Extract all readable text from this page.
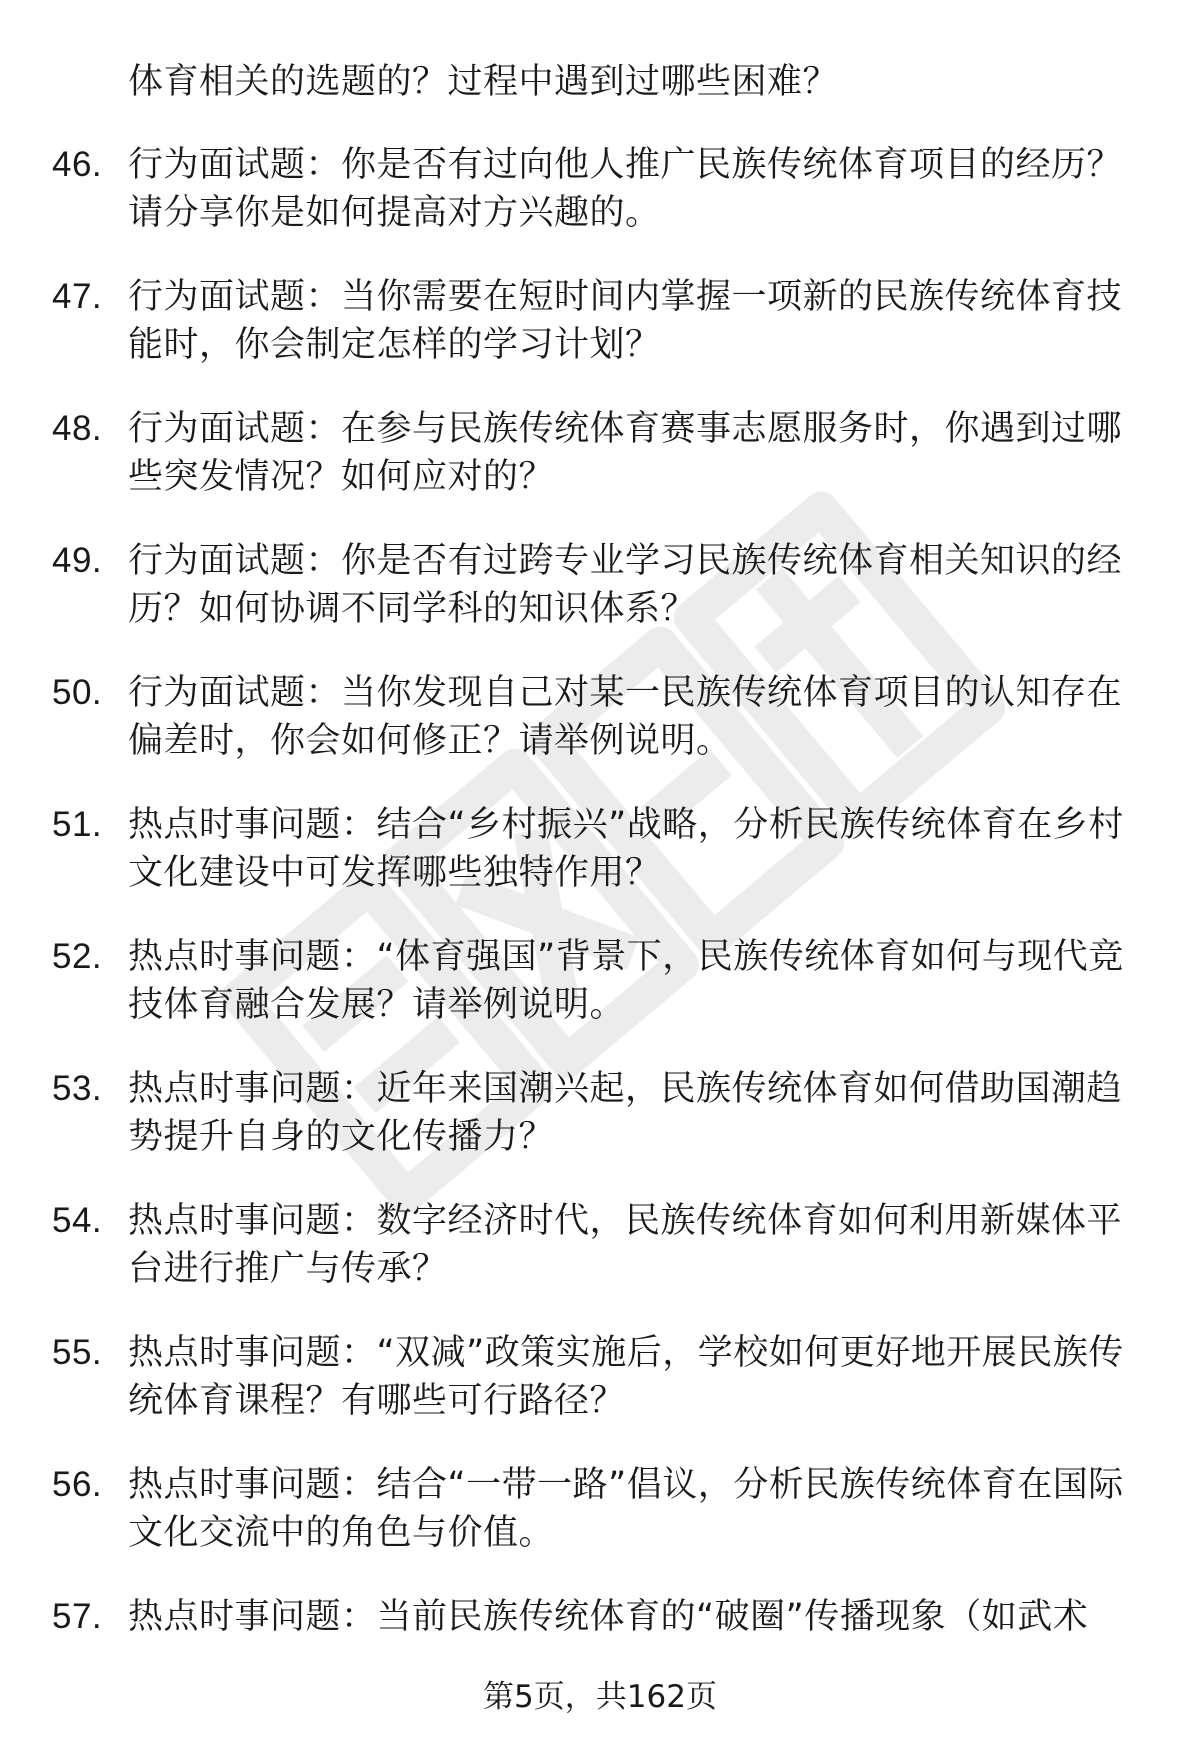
体育相关的选题的？过程中遇到过哪些困难？

46. 行为面试题：你是否有过向他人推广民族传统体育项目的经历？请分享你是如何提高对方兴趣的。
47. 行为面试题：当你需要在短时间内掌握一项新的民族传统体育技能时，你会制定怎样的学习计划？
48. 行为面试题：在参与民族传统体育赛事志愿服务时，你遇到过哪些突发情况？如何应对的？
49. 行为面试题：你是否有过跨专业学习民族传统体育相关知识的经历？如何协调不同学科的知识体系？
50. 行为面试题：当你发现自己对某一民族传统体育项目的认知存在偏差时，你会如何修正？请举例说明。
51. 热点时事问题：结合“乡村振兴”战略，分析民族传统体育在乡村文化建设中可发挥哪些独特作用？
52. 热点时事问题：“体育强国”背景下，民族传统体育如何与现代竞技体育融合发展？请举例说明。
53. 热点时事问题：近年来国潮兴起，民族传统体育如何借助国潮趋势提升自身的文化传播力？
54. 热点时事问题：数字经济时代，民族传统体育如何利用新媒体平台进行推广与传承？
55. 热点时事问题：“双减”政策实施后，学校如何更好地开展民族传统体育课程？有哪些可行路径？
56. 热点时事问题：结合“一带一路”倡议，分析民族传统体育在国际文化交流中的角色与价值。
57. 热点时事问题：当前民族传统体育的“破圈”传播现象（如武术
第5页，共162页
